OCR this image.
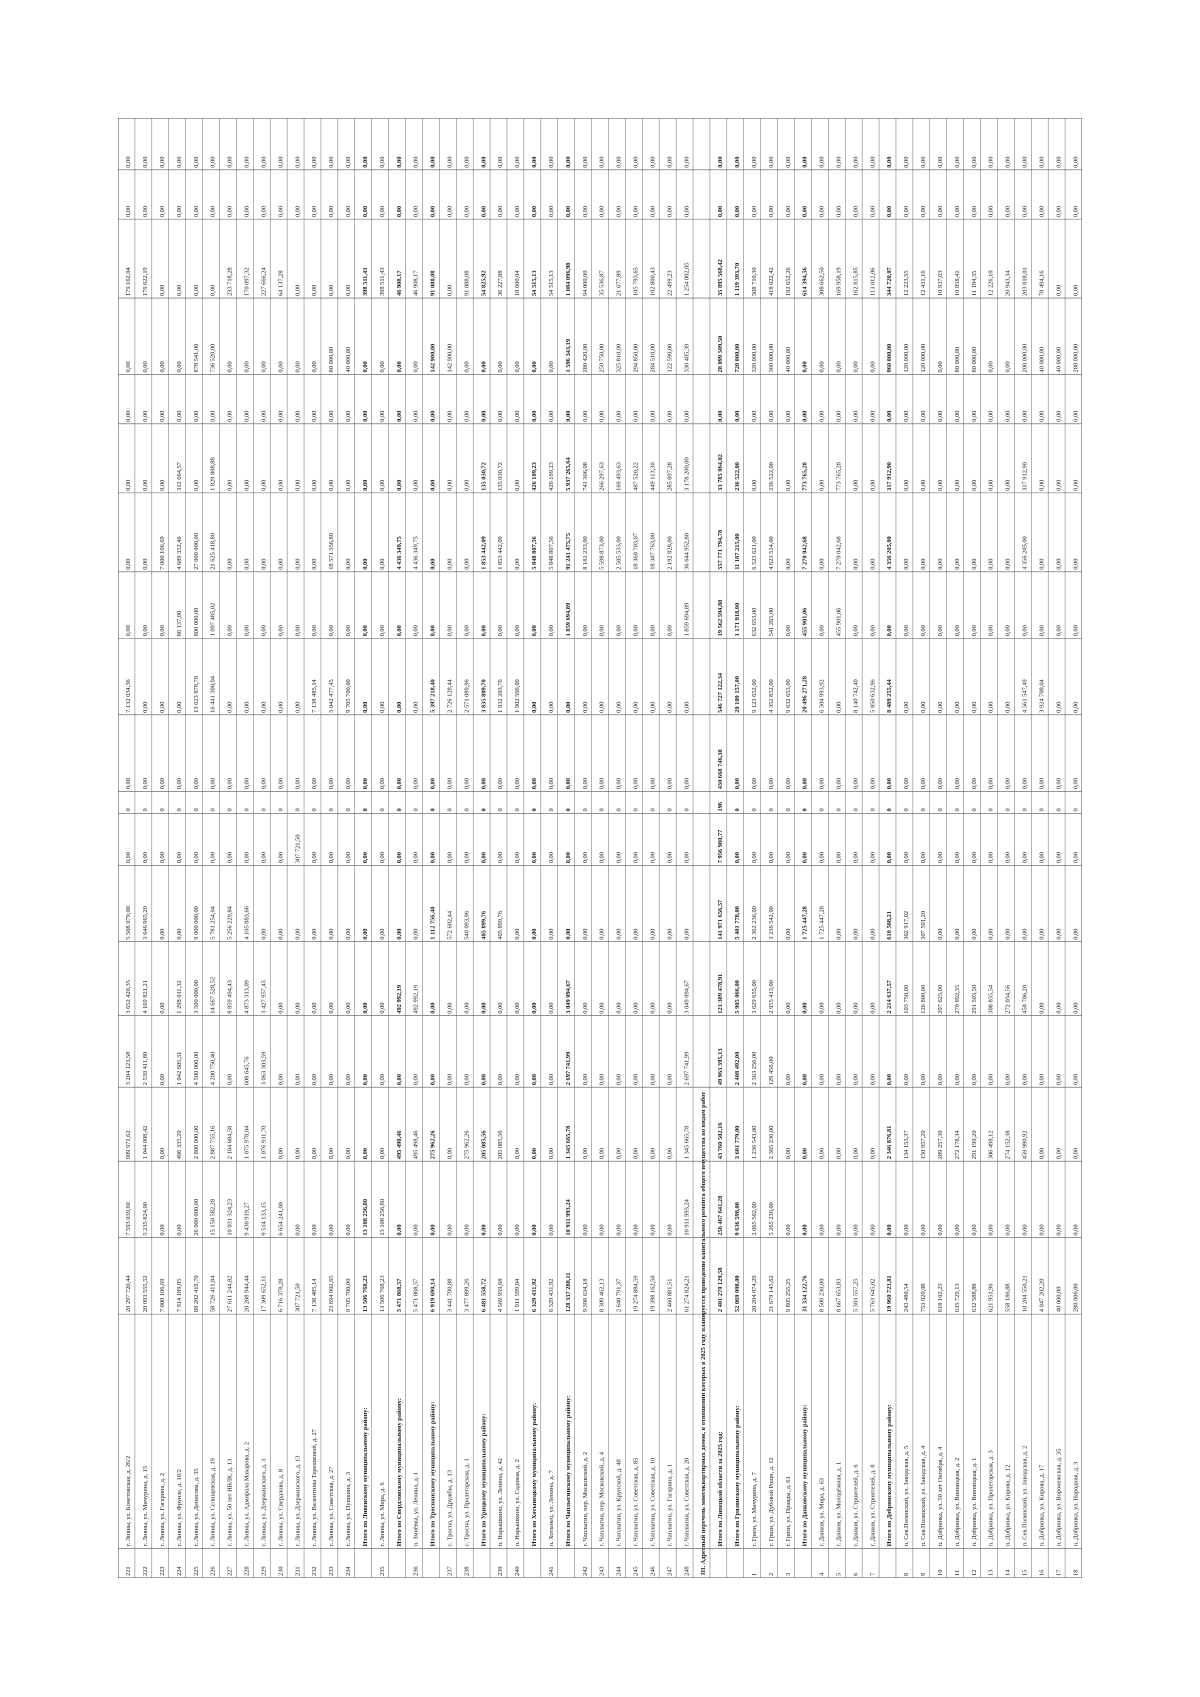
221
г. Ливны, ул. Кочетовская, д. 26/2
20 297 720,44
7 593 039,69
909 971,62
3 204 123,58
3 652 420,35
5 508 079,00
0,00
0
0,00
7 132 034,36
0,00
0,00
0,00
0,00
0,00
179 162,04
0,00
0,00
222
г. Ливны, ул. Мичурина, д. 15
20 093 555,52
5 235 824,00
1 044 098,42
2 539 411,80
4 169 821,21
3 646 965,20
0,00
0
0,00
0,00
0,00
0,00
0,00
0,00
0,00
179 622,19
0,00
0,00
223
г. Ливны, ул. Гагарина, д. 2
7 000 106,69
0,00
0,00
0,00
0,00
0,00
0,00
0
0,00
0,00
0,00
7 000 106,69
0,00
0,00
0,00
0,00
0,00
0,00
224
г. Ливны, ул. Фрунзе, д. 10/2
7 914 189,05
0,00
496 335,20
1 042 605,31
1 298 011,32
0,00
0,00
0
0,00
0,00
86 137,00
4 689 352,46
312 664,57
0,00
0,00
0,00
0,00
0,00
225
г. Ливны, ул. Денисова, д. 35
88 202 419,70
26 000 000,00
2 800 000,00
4 500 000,00
3 500 000,00
9 000 000,00
0,00
0
0,00
13 623 878,70
800 000,00
27 000 000,00
0,00
0,00
878 541,00
0,00
0,00
0,00
226
г. Ливны, ул. Селищевская, д. 19
58 726 411,84
15 150 582,28
2 887 755,16
4 200 750,40
14 667 528,52
5 781 254,04
0,00
0
0,00
16 441 300,04
1 097 485,02
21 625 418,80
1 829 808,88
0,00
736 520,00
0,00
0,00
0,00
227
г. Ливны, ул. 50 лет НВЛК, д. 13
27 611 244,82
10 031 324,23
2 104 684,58
0,00
8 859 494,43
5 256 229,84
0,00
0
0,00
0,00
0,00
0,00
0,00
0,00
0,00
233 718,28
0,00
0,00
228
г. Ливны, ул. Адмирала Макарова, д. 2
20 208 944,44
9 430 919,27
1 075 978,04
608 645,76
4 873 313,09
4 105 883,66
0,00
0
0,00
0,00
0,00
0,00
0,00
0,00
0,00
170 097,32
0,00
0,00
229
г. Ливны, ул. Дзержинского, д. 3
17 309 652,11
9 514 133,15
1 076 931,70
3 063 303,59
3 427 957,45
0,00
0,00
0
0,00
0,00
0,00
0,00
0,00
0,00
0,00
227 666,24
0,00
0,00
230
г. Ливны, ул. Свердлова, д. 8
6 716 378,28
6 654 241,00
0,00
0,00
0,00
0,00
0,00
0
0,00
0,00
0,00
0,00
0,00
0,00
0,00
64 137,28
0,00
0,00
231
г. Ливны, ул. Дзержинского, д. 13
307 721,50
0,00
0,00
0,00
0,00
0,00
307 721,50
0
0,00
0,00
0,00
0,00
0,00
0,00
0,00
0,00
0,00
0,00
232
г. Ливны, ул. Валентины Терешковой, д. 27
7 138 485,14
0,00
0,00
0,00
0,00
0,00
0,00
0
0,00
7 138 485,14
0,00
0,00
0,00
0,00
0,00
0,00
0,00
0,00
233
г. Ливны, ул. Советская, д. 27
23 694 002,65
0,00
0,00
0,00
0,00
0,00
0,00
0
0,00
5 042 477,45
0,00
18 571 356,80
0,00
0,00
80 000,00
0,00
0,00
0,00
234
г. Ливны, ул. Пушкина, д. 3
9 705 700,00
0,00
0,00
0,00
0,00
0,00
0,00
0
0,00
9 705 700,00
0,00
0,00
0,00
0,00
40 000,00
0,00
0,00
0,00
Итого по Ливенскому муниципальному району:
13 506 768,23
13 108 256,80
0,00
0,00
0,00
0,00
0,00
0
0,00
0,00
0,00
0,00
0,00
0,00
0,00
398 511,43
0,00
0,00
235
г. Ливны, ул. Мира, д. 6
13 506 768,23
13 108 256,80
0,00
0,00
0,00
0,00
0,00
0
0,00
0,00
0,00
0,00
0,00
0,00
0,00
398 511,43
0,00
0,00
Итого по Свердловскому муниципальному району:
5 471 868,57
0,00
495 498,46
0,00
492 992,19
0,00
0,00
0
0,00
0,00
0,00
4 436 349,75
0,00
0,00
0,00
46 908,17
0,00
0,00
236
п. Змиёвка, ул. Ленина, д. 1
5 471 868,57
0,00
495 498,46
0,00
492 992,19
0,00
0,00
0
0,00
0,00
0,00
4 436 349,75
0,00
0,00
0,00
46 908,17
0,00
0,00
Итого по Троснянскому муниципальному району:
6 919 690,14
0,00
275 962,26
0,00
0,00
1 112 756,40
0,00
0
0,00
5 397 218,40
0,00
0,00
0,00
0,00
142 900,00
91 088,08
0,00
0,00
237
с. Тросна, ул. Дружбы, д. 13
3 441 790,88
0,00
0,00
0,00
0,00
572 602,44
0,00
0
0,00
2 726 128,44
0,00
0,00
0,00
0,00
142 900,00
0,00
0,00
0,00
238
с. Тросна, ул. Пролетарская, д. 1
3 477 899,26
0,00
275 962,26
0,00
0,00
540 093,96
0,00
0
0,00
2 571 089,96
0,00
0,00
0,00
0,00
0,00
91 088,08
0,00
0,00
Итого по Урицкому муниципальному району:
6 481 558,72
0,00
205 085,56
0,00
0,00
405 899,76
0,00
0
0,00
3 835 809,70
0,00
1 853 442,09
135 030,72
0,00
0,00
54 825,92
0,00
0,00
239
п. Нарышкино, ул. Ленина, д. 42
4 569 959,68
0,00
205 085,56
0,00
0,00
405 899,76
0,00
0
0,00
1 932 203,76
0,00
1 853 442,09
135 030,72
0,00
0,00
36 227,88
0,00
0,00
240
п. Нарышкино, ул. Садовая, д. 2
1 911 599,04
0,00
0,00
0,00
0,00
0,00
0,00
0
0,00
1 902 596,00
0,00
0,00
0,00
0,00
0,00
18 600,04
0,00
0,00
Итого по Хотынецкому муниципальному району:
6 329 431,92
0,00
0,00
0,00
0,00
0,00
0,00
0
0,00
0,00
0,00
5 848 807,56
426 109,23
0,00
0,00
54 515,13
0,00
0,00
241
п. Хотынец, ул. Ленина, д. 7
6 329 431,92
0,00
0,00
0,00
0,00
0,00
0,00
0
0,00
0,00
0,00
5 848 807,56
426 109,23
0,00
0,00
54 515,13
0,00
0,00
Итого по Чаплыгинскому муниципальному району:
128 337 288,11
10 911 993,24
1 345 665,78
2 697 741,99
3 049 094,67
0,00
0,00
0
0,00
0,00
1 859 694,89
91 241 475,75
5 937 265,64
0,00
1 596 343,19
1 084 096,98
0,00
0,00
242
г. Чаплыгин, пер. Московский, д. 2
9 398 634,18
0,00
0,00
0,00
0,00
0,00
0,00
0
0,00
0,00
0,00
8 181 233,00
741 306,08
0,00
280 420,00
94 000,00
0,00
0,00
243
г. Чаплыгин, пер. Московский, д. 4
8 309 462,13
0,00
0,00
0,00
0,00
0,00
0,00
0
0,00
0,00
0,00
5 598 873,00
266 297,63
0,00
259 750,00
35 536,87
0,00
0,00
244
г. Чаплыгин, ул. Крупской, д. 40
2 640 791,37
0,00
0,00
0,00
0,00
0,00
0,00
0
0,00
0,00
0,00
2 505 533,00
169 493,63
0,00
325 810,00
21 677,89
0,00
0,00
245
г. Чаплыгин, ул. Советская, д. 85
19 274 884,59
0,00
0,00
0,00
0,00
0,00
0,00
0
0,00
0,00
0,00
18 360 703,07
487 520,22
0,00
294 850,00
105 793,65
0,00
0,00
246
г. Чаплыгин, ул. Советская, д. 10
19 398 162,50
0,00
0,00
0,00
0,00
0,00
0,00
0
0,00
0,00
0,00
18 307 763,00
449 113,30
0,00
284 510,00
102 800,43
0,00
0,00
247
г. Чаплыгин, ул. Гагарина, д. 1
2 460 881,51
0,00
0,00
0,00
0,00
0,00
0,00
0
0,00
0,00
0,00
2 192 828,00
285 897,28
0,00
122 590,00
22 499,23
0,00
0,00
248
г. Чаплыгин, ул. Советская, д. 20
61 274 824,21
10 911 993,24
1 345 665,78
2 697 741,99
3 049 094,67
0,00
0,00
0
0,00
0,00
1 859 694,89
36 644 952,80
3 178 200,00
0,00
330 405,39
1 254 002,05
0,00
0,00
III. Адресный перечень многоквартирных домов, в отношении которых в 2025 году планируется проведение капитального ремонта общего имущества по видам работ Итого по Липецкой области за 2025 год:
2 401 270 129,58
256 467 641,28
43 760 502,16
49 963 395,13
121 389 478,91
141 971 656,57
7 956 980,77
196
430 668 746,30
546 727 122,34
19 562 594,88
557 771 794,78
33 785 064,02
0,00
28 099 509,50
35 895 568,42
0,00
0,00
Итого по Грязинскому муниципальному району:
52 069 098,00
9 636 598,00
3 601 779,00
2 408 492,00
5 905 066,00
5 401 778,00
0,00
0
0,00
20 109 157,00
1 171 918,00
11 187 215,00
236 522,00
0,00
720 000,00
1 119 393,70
0,00
0,00
1
г. Грязи, ул. Мичурина, д. 7
20 204 074,29
2 065 502,00
1 236 543,00
2 363 256,00
3 629 655,00
2 362 236,00
0,00
0
0,00
9 123 652,00
632 653,00
6 523 621,00
0,00
0,00
320 000,00
508 710,30
0,00
0,00
2
г. Грязи, ул. Дубовой Рощи, д. 12
21 679 145,62
5 265 236,00
2 365 236,00
129 456,00
2 955 413,00
3 236 542,00
0,00
0
0,00
4 352 852,00
541 265,00
4 623 514,00
236 522,00
0,00
360 000,00
418 022,42
0,00
0,00
3
г. Грязи, ул. Правды, д. 61
9 805 255,25
0,00
0,00
0,00
0,00
0,00
0,00
0
0,00
9 632 653,00
0,00
0,00
0,00
0,00
40 000,00
192 652,26
0,00
0,00
Итого по Данковскому муниципальному району:
31 334 122,76
0,00
0,00
0,00
0,00
1 725 447,28
0,00
0
0,00
20 496 271,28
455 901,06
7 270 042,68
773 765,28
0,00
0,00
614 394,56
0,00
0,00
4
г. Данков, ул. Мира, д. 63
8 509 230,00
0,00
0,00
0,00
0,00
1 725 447,28
0,00
0
0,00
6 504 993,92
0,00
0,00
0,00
0,00
0,00
308 662,50
0,00
0,00
5
г. Данков, ул. Молодёжная, д. 1
8 667 653,83
0,00
0,00
0,00
0,00
0,00
0,00
0
0,00
0,00
455 901,06
7 270 042,68
773 765,28
0,00
0,00
169 958,19
0,00
0,00
6
г. Данков, ул. Строителей, д. 6
5 303 557,25
0,00
0,00
0,00
0,00
0,00
0,00
0
0,00
8 140 742,40
0,00
0,00
0,00
0,00
0,00
162 815,85
0,00
0,00
7
г. Данков, ул. Строителей, д. 8
5 763 645,02
0,00
0,00
0,00
0,00
0,00
0,00
0
0,00
5 850 632,96
0,00
0,00
0,00
0,00
0,00
113 012,06
0,00
0,00
Итого по Добринскому муниципальному району:
19 960 723,81
0,00
2 346 876,81
0,00
2 214 637,57
610 508,21
0,00
0
0,00
8 489 255,44
0,00
4 356 205,00
317 912,90
0,00
960 000,00
344 720,07
0,00
0,00
8
п. Сев.Полянский, ул. Заводская, д. 5
243 480,54
0,00
134 153,37
0,00
103 750,00
302 917,02
0,00
0
0,00
0,00
0,00
0,00
0,00
0,00
120 000,00
12 223,55
0,00
0,00
9
п. Сев.Полянский, ул. Заводская, д. 4
753 020,08
0,00
150 957,20
0,00
126 800,00
307 591,20
0,00
0
0,00
0,00
0,00
0,00
0,00
0,00
120 000,00
12 431,16
0,00
0,00
10
п. Добринка, ул. 50 лет Октября, д. 4
618 102,25
0,00
289 257,30
0,00
297 625,00
0,00
0,00
0
0,00
0,00
0,00
0,00
0,00
0,00
0,00
10 937,63
0,00
0,00
11
п. Добринка, ул. Винницкая, д. 2
635 729,13
0,00
272 178,34
0,00
270 692,35
0,00
0,00
0
0,00
0,00
0,00
0,00
0,00
0,00
80 000,00
10 858,41
0,00
0,00
12
п. Добринка, ул. Винницкая, д. 1
632 588,88
0,00
291 190,20
0,00
291 503,50
0,00
0,00
0
0,00
0,00
0,00
0,00
0,00
0,00
80 000,00
11 184,35
0,00
0,00
13
п. Добринка, ул. Пролетарская, д. 3
621 951,96
0,00
306 498,12
0,00
308 835,54
0,00
0,00
0
0,00
0,00
0,00
0,00
0,00
0,00
0,00
12 226,10
0,00
0,00
14
п. Добринка, ул. Кирова, д. 12
558 186,88
0,00
274 152,38
0,00
272 034,56
0,00
0,00
0
0,00
0,00
0,00
0,00
0,00
0,00
0,00
20 943,34
0,00
0,00
15
п. Сев.Полянский, ул. Заводская, д. 2
10 204 550,21
0,00
459 980,92
0,00
458 706,20
0,00
0,00
0
0,00
4 561 547,49
0,00
4 356 205,00
317 912,90
0,00
200 000,00
203 818,01
0,00
0,00
16
п. Добринка, ул. Кирова, д. 17
4 047 202,20
0,00
0,00
0,00
0,00
0,00
0,00
0
0,00
3 924 708,04
0,00
0,00
0,00
0,00
40 000,00
78 494,16
0,00
0,00
17
п. Добринка, ул. Воронежская, д. 35
40 000,00
0,00
0,00
0,00
0,00
0,00
0,00
0
0,00
0,00
0,00
0,00
0,00
0,00
40 000,00
0,00
0,00
0,00
18
п. Добринка, ул. Народная, д. 3
280 000,00
0,00
0,00
0,00
0,00
0,00
0,00
0
0,00
0,00
0,00
0,00
0,00
0,00
280 000,00
0,00
0,00
0,00
